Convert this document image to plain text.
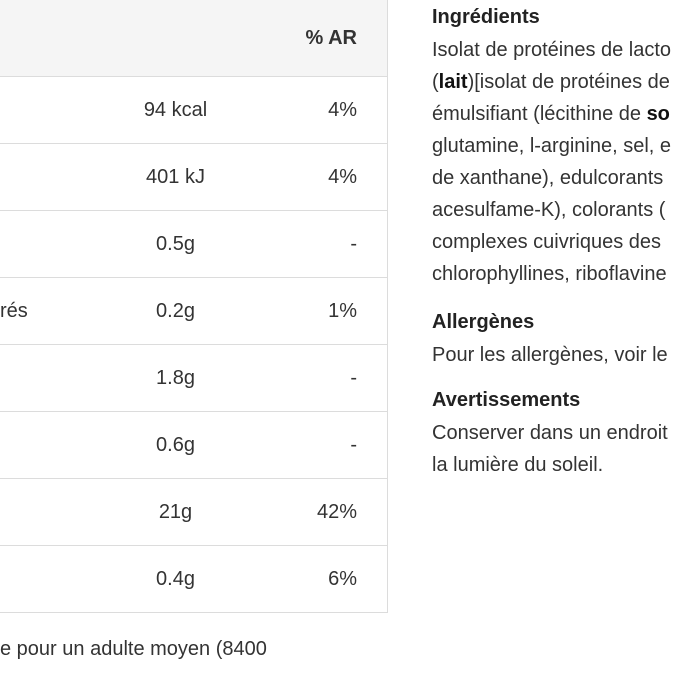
% AR
94 kcal	4%
401 kJ	4%
0.5g	-
rés	0.2g	1%
1.8g	-
0.6g	-
21g	42%
0.4g	6%
e pour un adulte moyen (8400
Ingrédients

Isolat de protéines de lacto
(lait)[isolat de protéines de
émulsifiant (lécithine de so
glutamine, l-arginine, sel, e
de xanthane), edulcorants
acesulfame-K), colorants (
complexes cuivriques des
chlorophyllines, riboflavine

Allergènes

Pour les allergènes, voir le

Avertissements

Conserver dans un endroit
la lumière du soleil.
